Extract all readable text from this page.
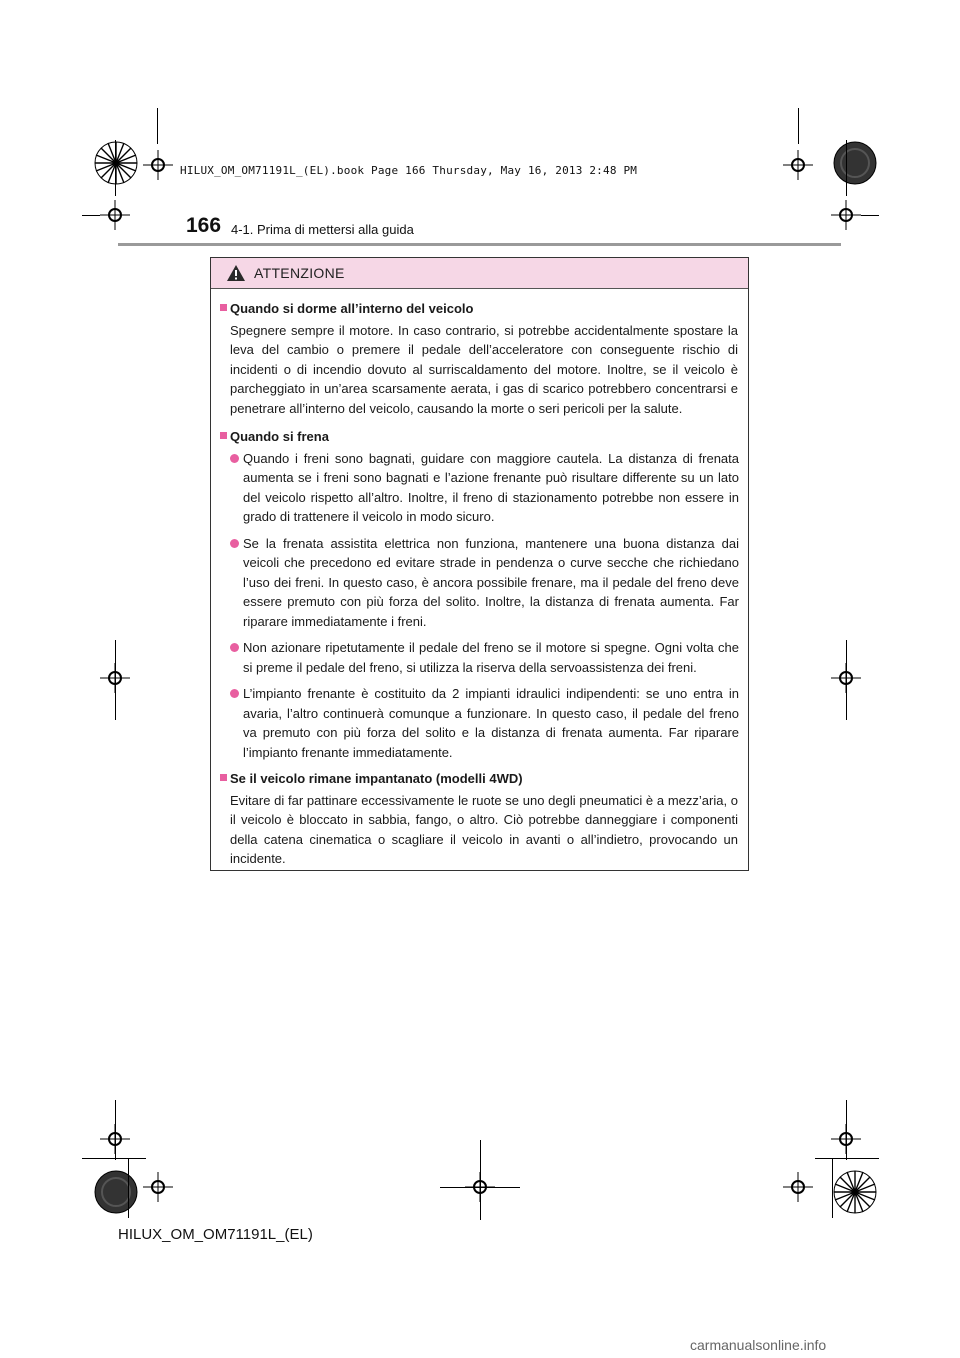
HILUX_OM_OM71191L_(EL).book Page 166 Thursday, May 16, 2013 2:48 PM
166 4-1. Prima di mettersi alla guida
ATTENZIONE
Quando si dorme all’interno del veicolo
Spegnere sempre il motore. In caso contrario, si potrebbe accidentalmente spostare la leva del cambio o premere il pedale dell’acceleratore con conseguente rischio di incidenti o di incendio dovuto al surriscaldamento del motore. Inoltre, se il veicolo è parcheggiato in un’area scarsamente aerata, i gas di scarico potrebbero concentrarsi e penetrare all’interno del veicolo, causando la morte o seri pericoli per la salute.
Quando si frena
Quando i freni sono bagnati, guidare con maggiore cautela. La distanza di frenata aumenta se i freni sono bagnati e l’azione frenante può risultare differente su un lato del veicolo rispetto all’altro. Inoltre, il freno di stazionamento potrebbe non essere in grado di trattenere il veicolo in modo sicuro.
Se la frenata assistita elettrica non funziona, mantenere una buona distanza dai veicoli che precedono ed evitare strade in pendenza o curve secche che richiedano l’uso dei freni. In questo caso, è ancora possibile frenare, ma il pedale del freno deve essere premuto con più forza del solito. Inoltre, la distanza di frenata aumenta. Far riparare immediatamente i freni.
Non azionare ripetutamente il pedale del freno se il motore si spegne. Ogni volta che si preme il pedale del freno, si utilizza la riserva della servoassistenza dei freni.
L’impianto frenante è costituito da 2 impianti idraulici indipendenti: se uno entra in avaria, l’altro continuerà comunque a funzionare. In questo caso, il pedale del freno va premuto con più forza del solito e la distanza di frenata aumenta. Far riparare l’impianto frenante immediatamente.
Se il veicolo rimane impantanato (modelli 4WD)
Evitare di far pattinare eccessivamente le ruote se uno degli pneumatici è a mezz’aria, o il veicolo è bloccato in sabbia, fango, o altro. Ciò potrebbe danneggiare i componenti della catena cinematica o scagliare il veicolo in avanti o all’indietro, provocando un incidente.
HILUX_OM_OM71191L_(EL)
carmanualsonline.info
